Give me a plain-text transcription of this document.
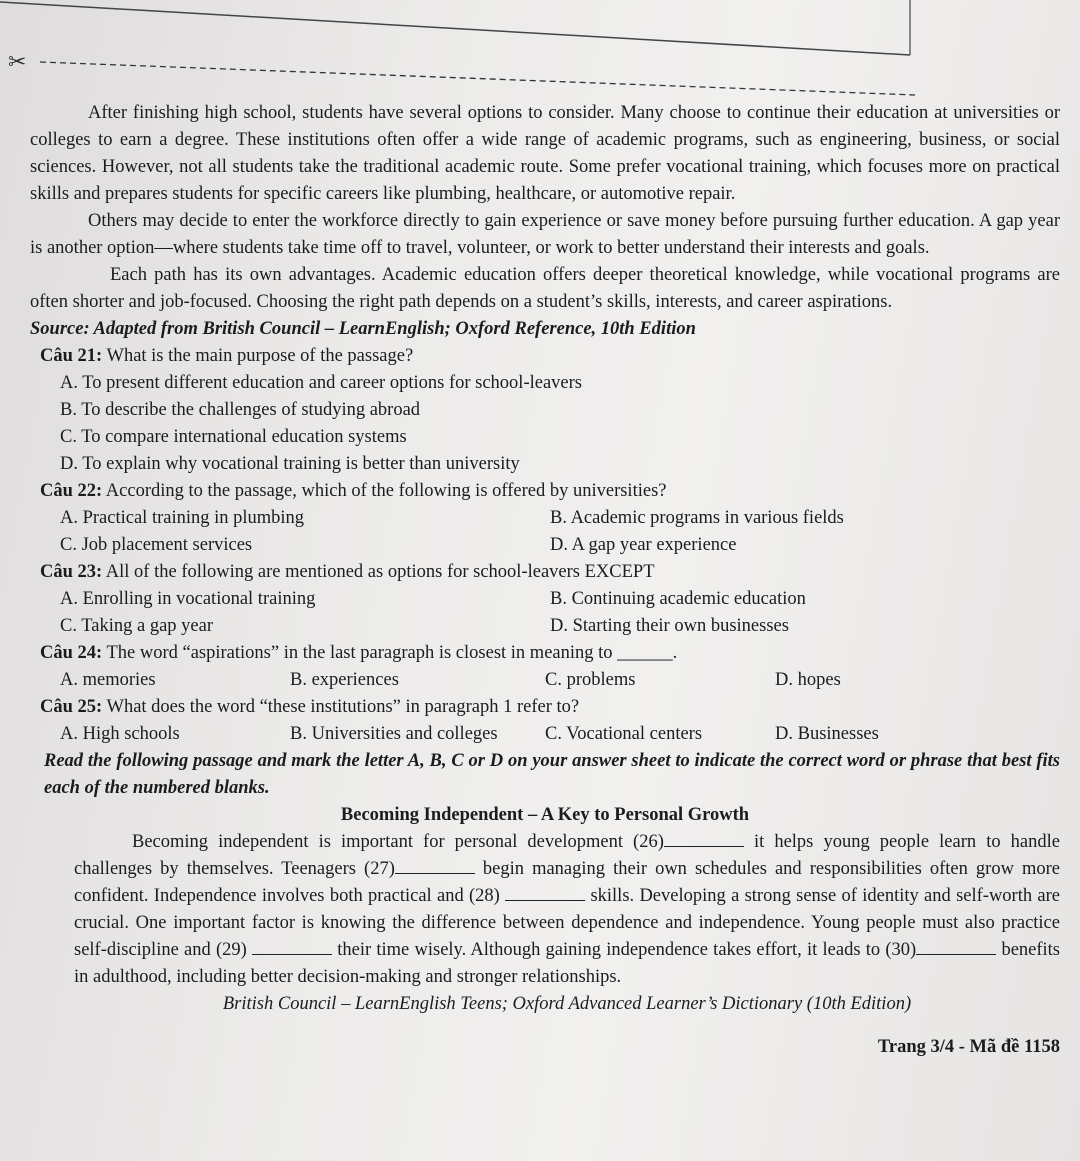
✂

After finishing high school, students have several options to consider. Many choose to continue their education at universities or colleges to earn a degree. These institutions often offer a wide range of academic programs, such as engineering, business, or social sciences. However, not all students take the traditional academic route. Some prefer vocational training, which focuses more on practical skills and prepares students for specific careers like plumbing, healthcare, or automotive repair.

Others may decide to enter the workforce directly to gain experience or save money before pursuing further education. A gap year is another option—where students take time off to travel, volunteer, or work to better understand their interests and goals.

Each path has its own advantages. Academic education offers deeper theoretical knowledge, while vocational programs are often shorter and job-focused. Choosing the right path depends on a student’s skills, interests, and career aspirations.

Source: Adapted from British Council – LearnEnglish; Oxford Reference, 10th Edition

Câu 21: What is the main purpose of the passage?
A. To present different education and career options for school-leavers
B. To describe the challenges of studying abroad
C. To compare international education systems
D. To explain why vocational training is better than university
Câu 22: According to the passage, which of the following is offered by universities?
A. Practical training in plumbing	B. Academic programs in various fields
C. Job placement services	D. A gap year experience
Câu 23: All of the following are mentioned as options for school-leavers EXCEPT
A. Enrolling in vocational training	B. Continuing academic education
C. Taking a gap year	D. Starting their own businesses
Câu 24: The word “aspirations” in the last paragraph is closest in meaning to ______.
A. memories	B. experiences	C. problems	D. hopes
Câu 25: What does the word “these institutions” in paragraph 1 refer to?
A. High schools	B. Universities and colleges	C. Vocational centers	D. Businesses

Read the following passage and mark the letter A, B, C or D on your answer sheet to indicate the correct word or phrase that best fits each of the numbered blanks.

Becoming Independent – A Key to Personal Growth

Becoming independent is important for personal development (26)	it helps young people learn to handle challenges by themselves. Teenagers (27)	begin managing their own schedules and responsibilities often grow more confident. Independence involves both practical and (28)	skills. Developing a strong sense of identity and self-worth are crucial. One important factor is knowing the difference between dependence and independence. Young people must also practice self-discipline and (29)	their time wisely. Although gaining independence takes effort, it leads to (30)	benefits in adulthood, including better decision-making and stronger relationships.

British Council – LearnEnglish Teens; Oxford Advanced Learner’s Dictionary (10th Edition)

Trang 3/4 - Mã đề 1158
